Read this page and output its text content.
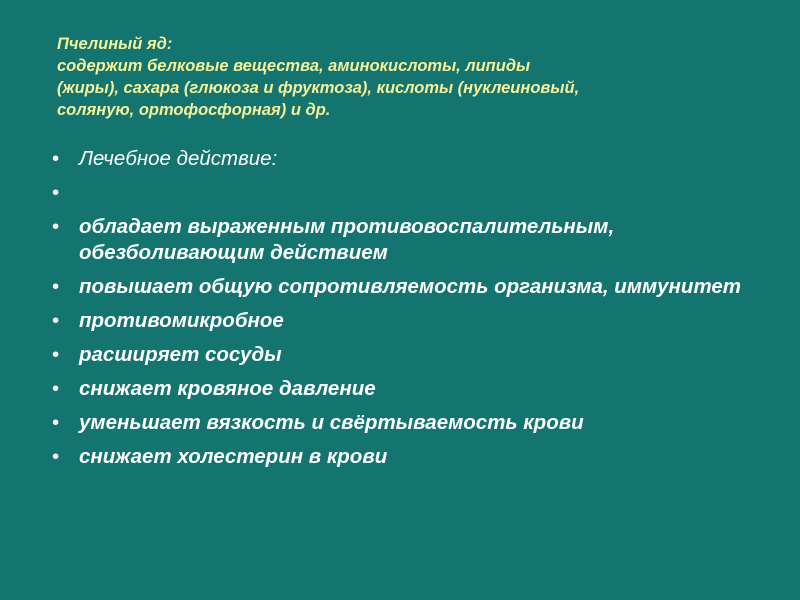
Пчелиный яд:
содержит белковые вещества, аминокислоты, липиды
(жиры), сахара (глюкоза и фруктоза), кислоты (нуклеиновый,
соляную, ортофосфорная) и др.
• Лечебное действие:
•
• обладает выраженным противовоспалительным, обезболивающим действием
• повышает общую сопротивляемость организма, иммунитет
• противомикробное
• расширяет сосуды
• снижает кровяное давление
• уменьшает вязкость и свёртываемость крови
• снижает холестерин в крови
